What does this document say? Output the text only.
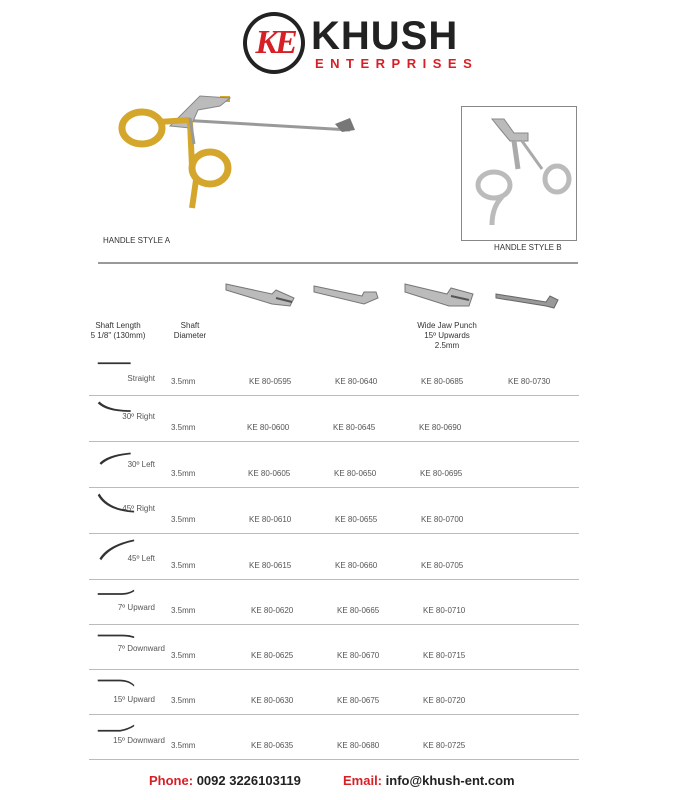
KE KHUSH
ENTERPRISES
HANDLE STYLE A
HANDLE STYLE B
Shaft Length
5 1/8" (130mm)
Shaft
Diameter
Wide Jaw Punch
15º Upwards
2.5mm
Straight 3.5mm	KE 80-0595	KE 80-0640	KE 80-0685	KE 80-0730
30º Right
3.5mm	KE 80-0600	KE 80-0645	KE 80-0690
30º Left
3.5mm	KE 80-0605	KE 80-0650	KE 80-0695
45º Right
3.5mm	KE 80-0610	KE 80-0655	KE 80-0700
45º Left
3.5mm	KE 80-0615	KE 80-0660	KE 80-0705
7º Upward 3.5mm	KE 80-0620	KE 80-0665	KE 80-0710
7º Downward
3.5mm	KE 80-0625	KE 80-0670	KE 80-0715
15º Upward 3.5mm	KE 80-0630	KE 80-0675	KE 80-0720
15º Downward
3.5mm	KE 80-0635	KE 80-0680	KE 80-0725
Phone: 0092 3226103119	Email: info@khush-ent.com
